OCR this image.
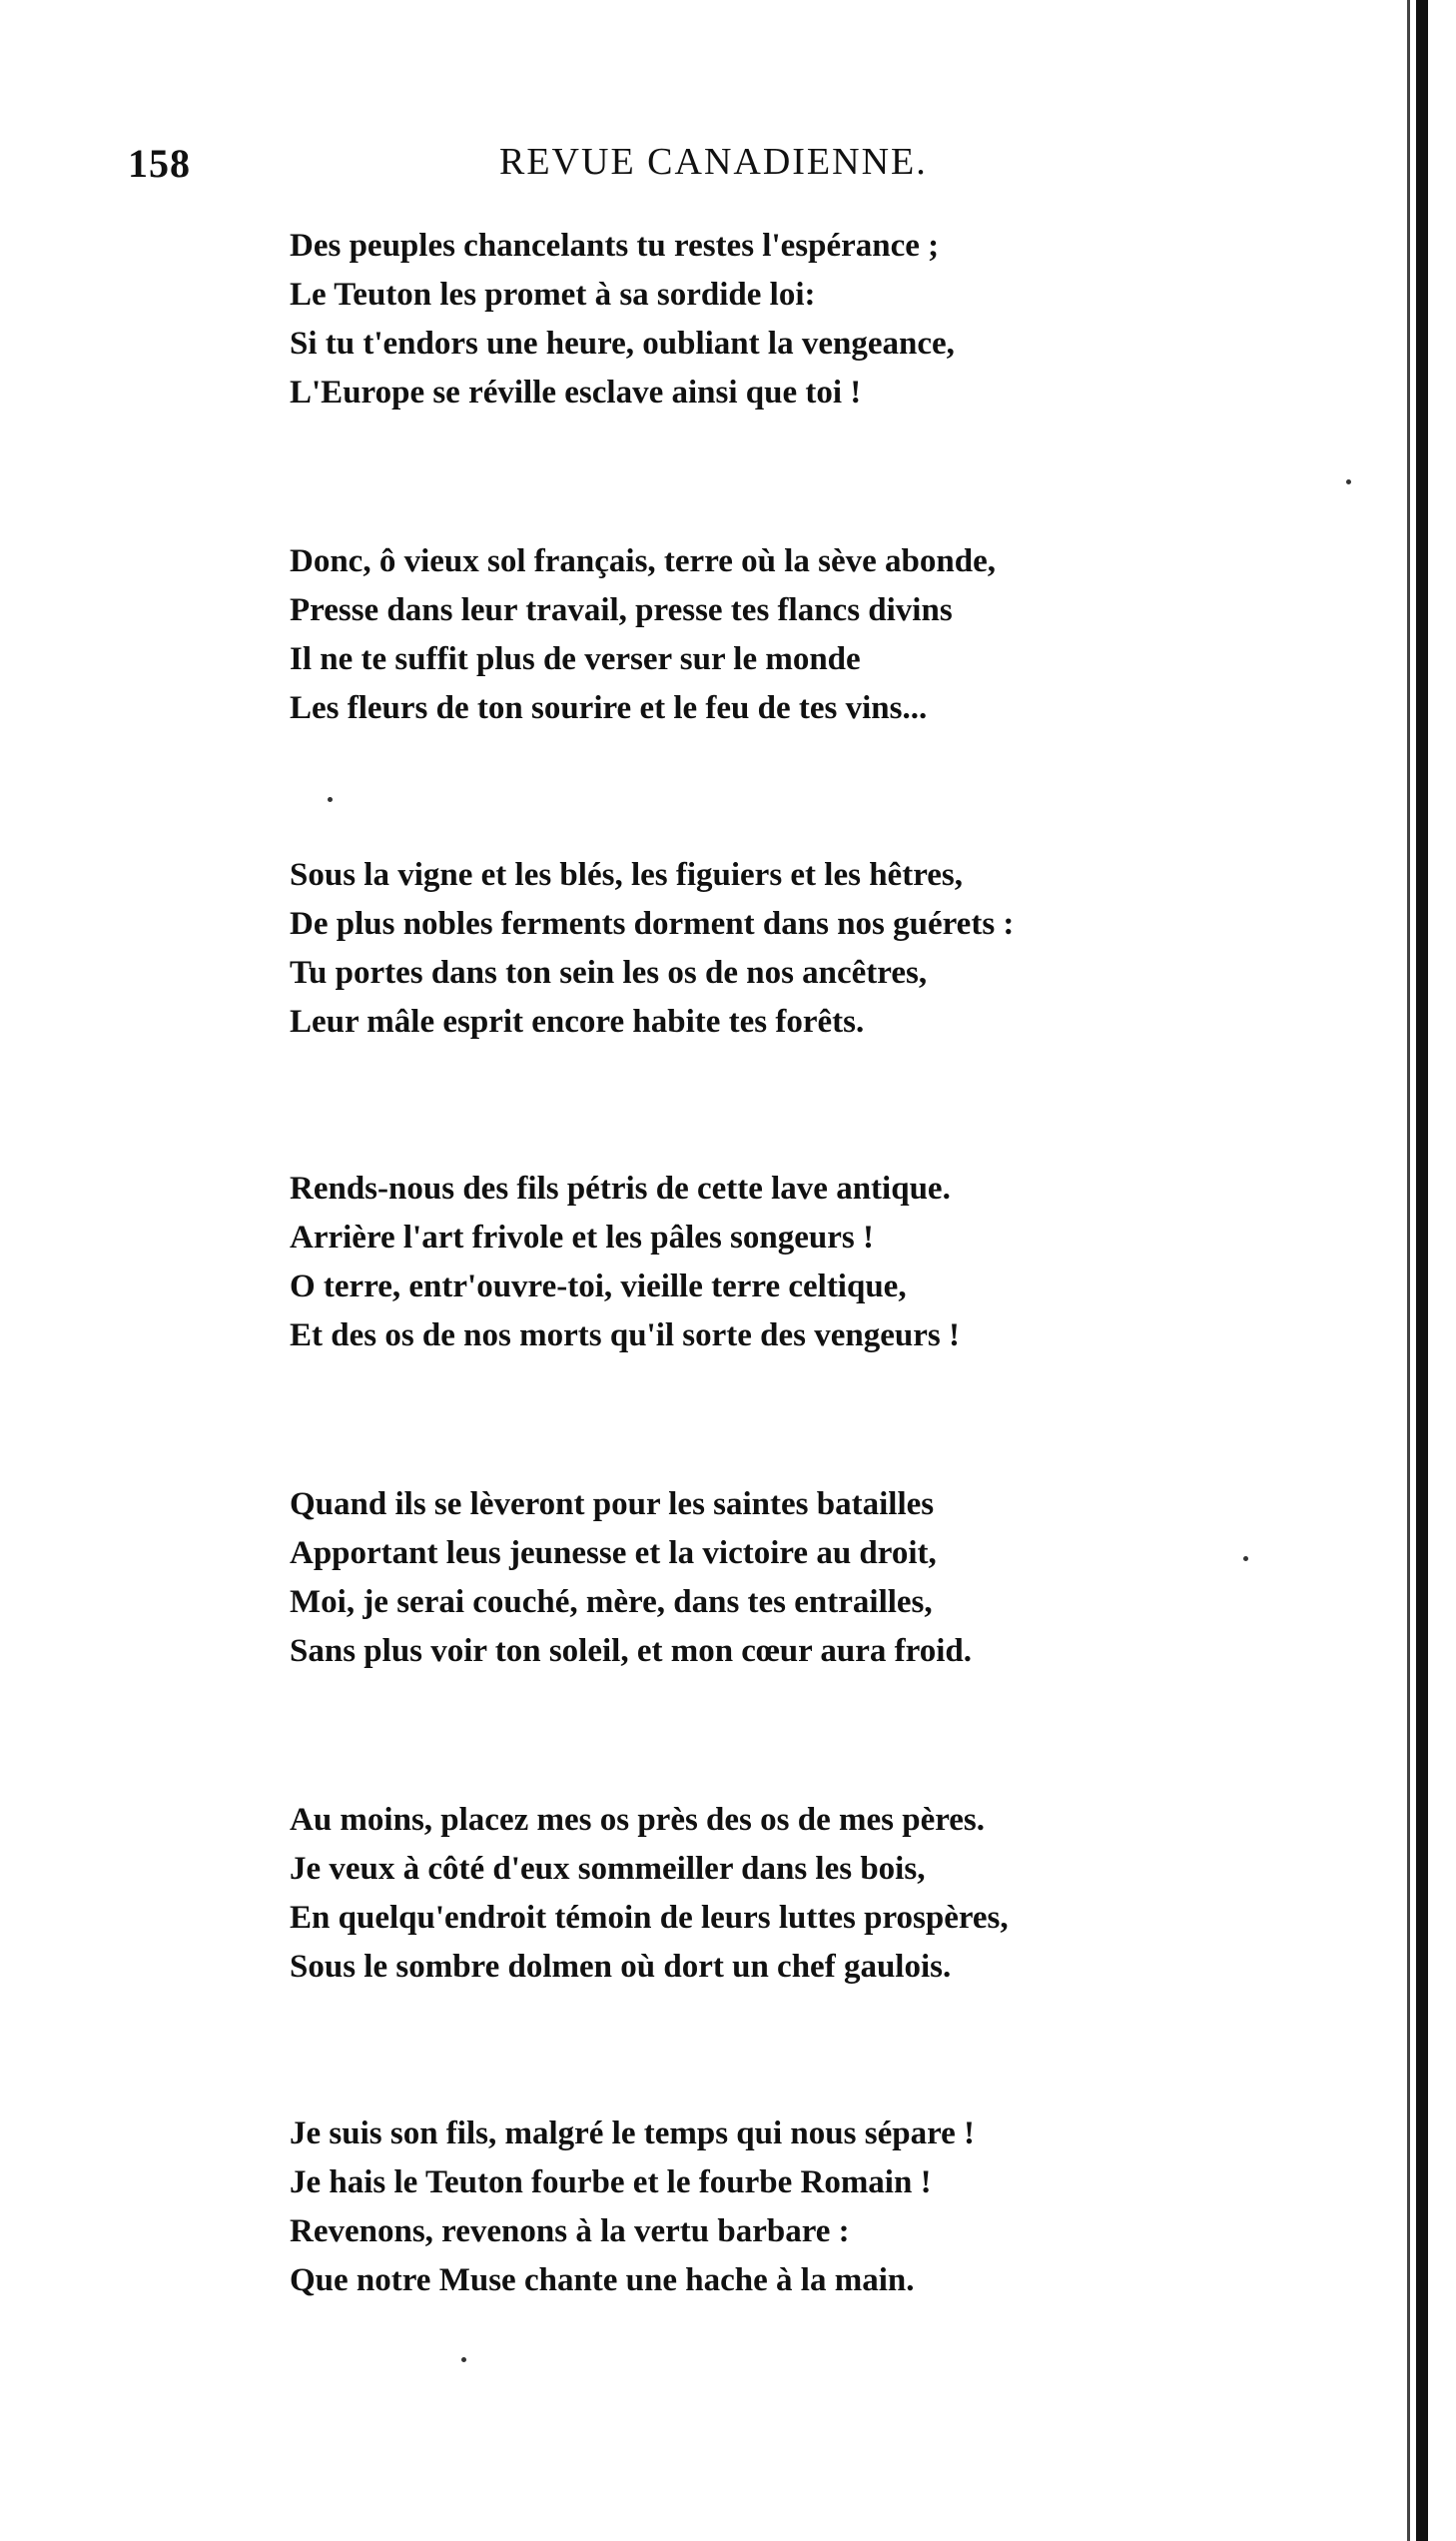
158	REVUE CANADIENNE.
Des peuples chancelants tu restes l'espérance ;
Le Teuton les promet à sa sordide loi:
Si tu t'endors une heure, oubliant la vengeance,
L'Europe se réville esclave ainsi que toi !
Donc, ô vieux sol français, terre où la sève abonde,
Presse dans leur travail, presse tes flancs divins
Il ne te suffit plus de verser sur le monde
Les fleurs de ton sourire et le feu de tes vins...
Sous la vigne et les blés, les figuiers et les hêtres,
De plus nobles ferments dorment dans nos guérets :
Tu portes dans ton sein les os de nos ancêtres,
Leur mâle esprit encore habite tes forêts.
Rends-nous des fils pétris de cette lave antique.
Arrière l'art frivole et les pâles songeurs !
O terre, entr'ouvre-toi, vieille terre celtique,
Et des os de nos morts qu'il sorte des vengeurs !
Quand ils se lèveront pour les saintes batailles
Apportant leus jeunesse et la victoire au droit,
Moi, je serai couché, mère, dans tes entrailles,
Sans plus voir ton soleil, et mon cœur aura froid.
Au moins, placez mes os près des os de mes pères.
Je veux à côté d'eux sommeiller dans les bois,
En quelqu'endroit témoin de leurs luttes prospères,
Sous le sombre dolmen où dort un chef gaulois.
Je suis son fils, malgré le temps qui nous sépare !
Je hais le Teuton fourbe et le fourbe Romain !
Revenons, revenons à la vertu barbare :
Que notre Muse chante une hache à la main.
